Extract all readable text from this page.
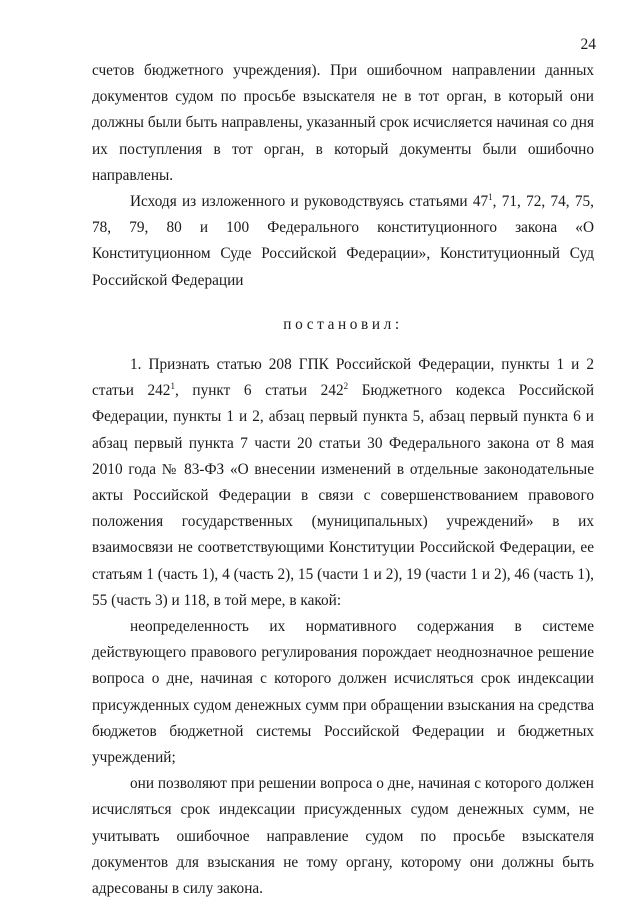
24

счетов бюджетного учреждения). При ошибочном направлении данных документов судом по просьбе взыскателя не в тот орган, в который они должны были быть направлены, указанный срок исчисляется начиная со дня их поступления в тот орган, в который документы были ошибочно направлены.

Исходя из изложенного и руководствуясь статьями $47^1$, 71, 72, 74, 75, 78, 79, 80 и 100 Федерального конституционного закона «О Конституционном Суде Российской Федерации», Конституционный Суд Российской Федерации

постановил:

1. Признать статью 208 ГПК Российской Федерации, пункты 1 и 2 статьи $242^1$, пункт 6 статьи $242^2$ Бюджетного кодекса Российской Федерации, пункты 1 и 2, абзац первый пункта 5, абзац первый пункта 6 и абзац первый пункта 7 части 20 статьи 30 Федерального закона от 8 мая 2010 года № 83-ФЗ «О внесении изменений в отдельные законодательные акты Российской Федерации в связи с совершенствованием правового положения государственных (муниципальных) учреждений» в их взаимосвязи не соответствующими Конституции Российской Федерации, ее статьям 1 (часть 1), 4 (часть 2), 15 (части 1 и 2), 19 (части 1 и 2), 46 (часть 1), 55 (часть 3) и 118, в той мере, в какой:

неопределенность их нормативного содержания в системе действующего правового регулирования порождает неоднозначное решение вопроса о дне, начиная с которого должен исчисляться срок индексации присужденных судом денежных сумм при обращении взыскания на средства бюджетов бюджетной системы Российской Федерации и бюджетных учреждений;

они позволяют при решении вопроса о дне, начиная с которого должен исчисляться срок индексации присужденных судом денежных сумм, не учитывать ошибочное направление судом по просьбе взыскателя документов для взыскания не тому органу, которому они должны быть адресованы в силу закона.
